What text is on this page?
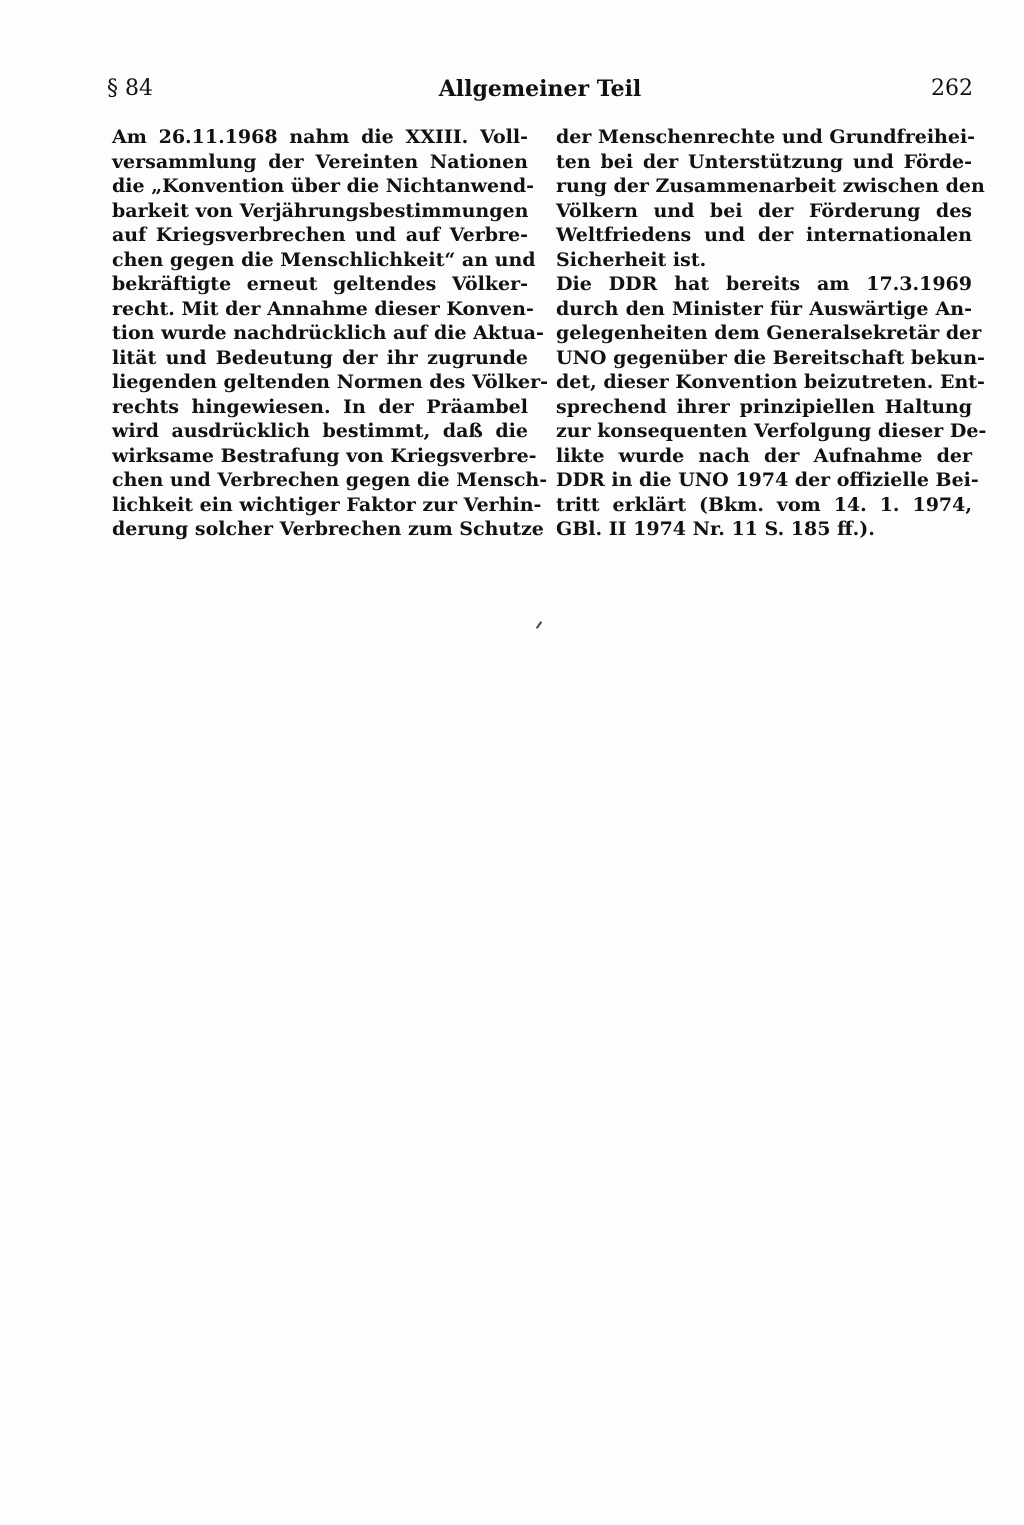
§ 84	Allgemeiner Teil	262
Am 26.11.1968 nahm die XXIII. Voll-
versammlung der Vereinten Nationen
die „Konvention über die Nichtanwend-
barkeit von Verjährungsbestimmungen
auf Kriegsverbrechen und auf Verbre-
chen gegen die Menschlichkeit“ an und
bekräftigte erneut geltendes Völker-
recht. Mit der Annahme dieser Konven-
tion wurde nachdrücklich auf die Aktua-
lität und Bedeutung der ihr zugrunde
liegenden geltenden Normen des Völker-
rechts hingewiesen. In der Präambel
wird ausdrücklich bestimmt, daß die
wirksame Bestrafung von Kriegsverbre-
chen und Verbrechen gegen die Mensch-
lichkeit ein wichtiger Faktor zur Verhin-
derung solcher Verbrechen zum Schutze
der Menschenrechte und Grundfreihei-
ten bei der Unterstützung und Förde-
rung der Zusammenarbeit zwischen den
Völkern und bei der Förderung des
Weltfriedens und der internationalen
Sicherheit ist.
Die DDR hat bereits am 17.3.1969
durch den Minister für Auswärtige An-
gelegenheiten dem Generalsekretär der
UNO gegenüber die Bereitschaft bekun-
det, dieser Konvention beizutreten. Ent-
sprechend ihrer prinzipiellen Haltung
zur konsequenten Verfolgung dieser De-
likte wurde nach der Aufnahme der
DDR in die UNO 1974 der offizielle Bei-
tritt erklärt (Bkm. vom 14. 1. 1974,
GBl. II 1974 Nr. 11 S. 185 ff.).
